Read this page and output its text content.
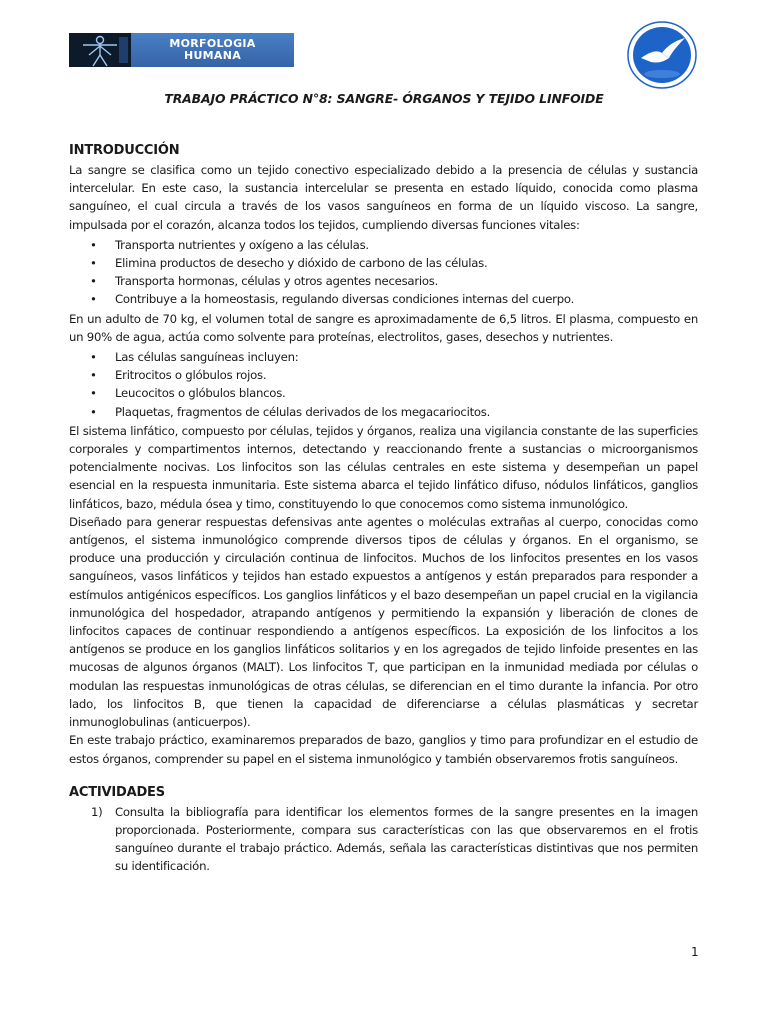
MORFOLOGIA
HUMANA
TRABAJO PRÁCTICO N°8: SANGRE- ÓRGANOS Y TEJIDO LINFOIDE
INTRODUCCIÓN

La sangre se clasifica como un tejido conectivo especializado debido a la presencia de células y sustancia intercelular. En este caso, la sustancia intercelular se presenta en estado líquido, conocida como plasma sanguíneo, el cual circula a través de los vasos sanguíneos en forma de un líquido viscoso. La sangre, impulsada por el corazón, alcanza todos los tejidos, cumpliendo diversas funciones vitales:

• Transporta nutrientes y oxígeno a las células.
• Elimina productos de desecho y dióxido de carbono de las células.
• Transporta hormonas, células y otros agentes necesarios.
• Contribuye a la homeostasis, regulando diversas condiciones internas del cuerpo.

En un adulto de 70 kg, el volumen total de sangre es aproximadamente de 6,5 litros. El plasma, compuesto en un 90% de agua, actúa como solvente para proteínas, electrolitos, gases, desechos y nutrientes.

• Las células sanguíneas incluyen:
• Eritrocitos o glóbulos rojos.
• Leucocitos o glóbulos blancos.
• Plaquetas, fragmentos de células derivados de los megacariocitos.

El sistema linfático, compuesto por células, tejidos y órganos, realiza una vigilancia constante de las superficies corporales y compartimentos internos, detectando y reaccionando frente a sustancias o microorganismos potencialmente nocivas. Los linfocitos son las células centrales en este sistema y desempeñan un papel esencial en la respuesta inmunitaria. Este sistema abarca el tejido linfático difuso, nódulos linfáticos, ganglios linfáticos, bazo, médula ósea y timo, constituyendo lo que conocemos como sistema inmunológico.

Diseñado para generar respuestas defensivas ante agentes o moléculas extrañas al cuerpo, conocidas como antígenos, el sistema inmunológico comprende diversos tipos de células y órganos. En el organismo, se produce una producción y circulación continua de linfocitos. Muchos de los linfocitos presentes en los vasos sanguíneos, vasos linfáticos y tejidos han estado expuestos a antígenos y están preparados para responder a estímulos antigénicos específicos. Los ganglios linfáticos y el bazo desempeñan un papel crucial en la vigilancia inmunológica del hospedador, atrapando antígenos y permitiendo la expansión y liberación de clones de linfocitos capaces de continuar respondiendo a antígenos específicos. La exposición de los linfocitos a los antígenos se produce en los ganglios linfáticos solitarios y en los agregados de tejido linfoide presentes en las mucosas de algunos órganos (MALT). Los linfocitos T, que participan en la inmunidad mediada por células o modulan las respuestas inmunológicas de otras células, se diferencian en el timo durante la infancia. Por otro lado, los linfocitos B, que tienen la capacidad de diferenciarse a células plasmáticas y secretar inmunoglobulinas (anticuerpos).

En este trabajo práctico, examinaremos preparados de bazo, ganglios y timo para profundizar en el estudio de estos órganos, comprender su papel en el sistema inmunológico y también observaremos frotis sanguíneos.

ACTIVIDADES
1) Consulta la bibliografía para identificar los elementos formes de la sangre presentes en la imagen proporcionada. Posteriormente, compara sus características con las que observaremos en el frotis sanguíneo durante el trabajo práctico. Además, señala las características distintivas que nos permiten su identificación.
1
